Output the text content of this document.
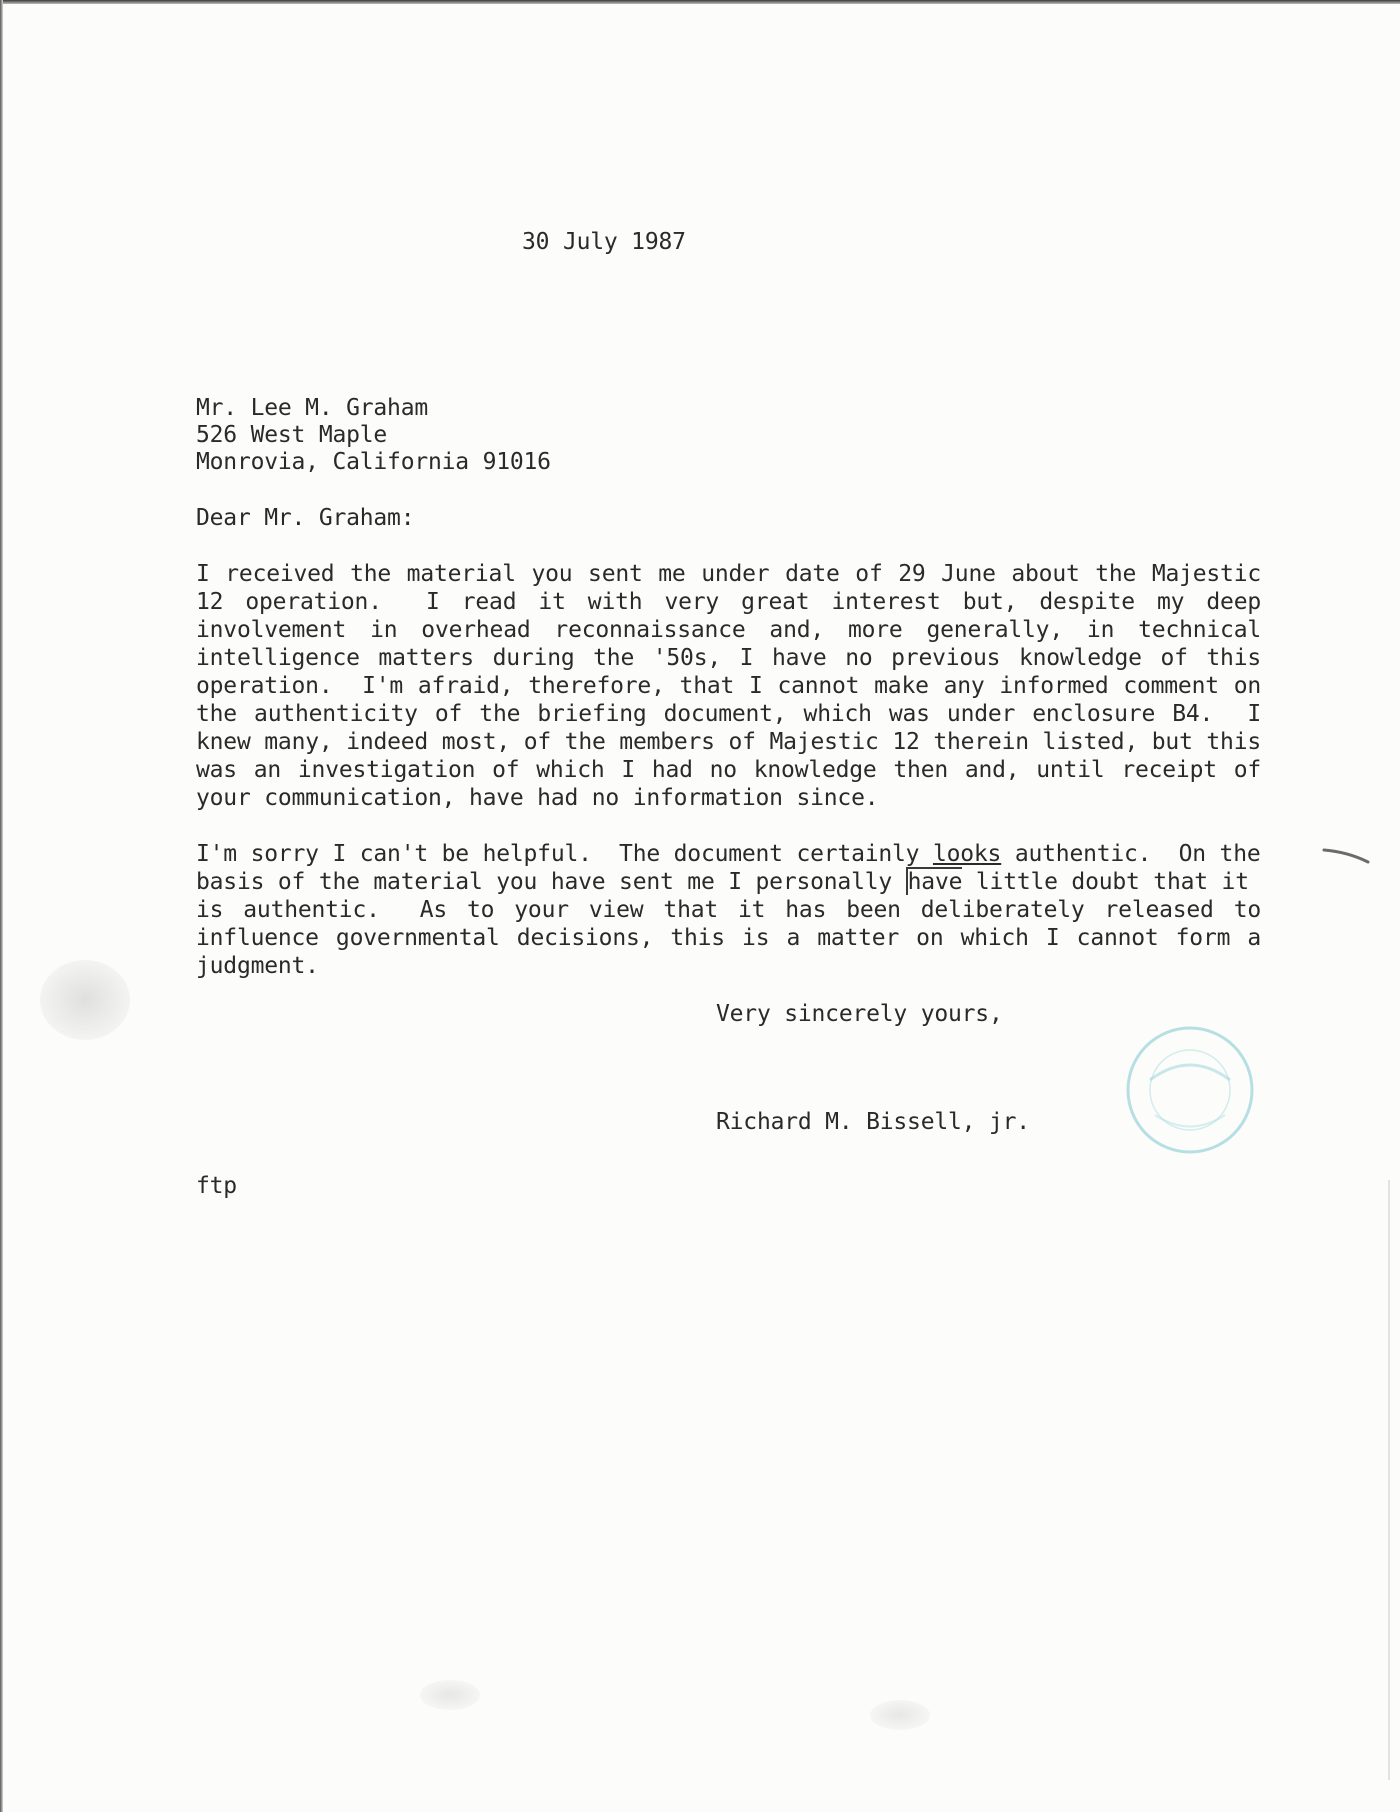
30 July 1987
Mr. Lee M. Graham
526 West Maple
Monrovia, California 91016
Dear Mr. Graham:
I received the material you sent me under date of 29 June about the Majestic
12 operation.  I read it with very great interest but, despite my deep
involvement in overhead reconnaissance and, more generally, in technical
intelligence matters during the '50s, I have no previous knowledge of this
operation.  I'm afraid, therefore, that I cannot make any informed comment on
the authenticity of the briefing document, which was under enclosure B4.  I
knew many, indeed most, of the members of Majestic 12 therein listed, but this
was an investigation of which I had no knowledge then and, until receipt of
your communication, have had no information since.
I'm sorry I can't be helpful.  The document certainly looks authentic.  On the
basis of the material you have sent me I personally have little doubt that it
is authentic.  As to your view that it has been deliberately released to
influence governmental decisions, this is a matter on which I cannot form a
judgment.
Very sincerely yours,
Richard M. Bissell, jr.
ftp
